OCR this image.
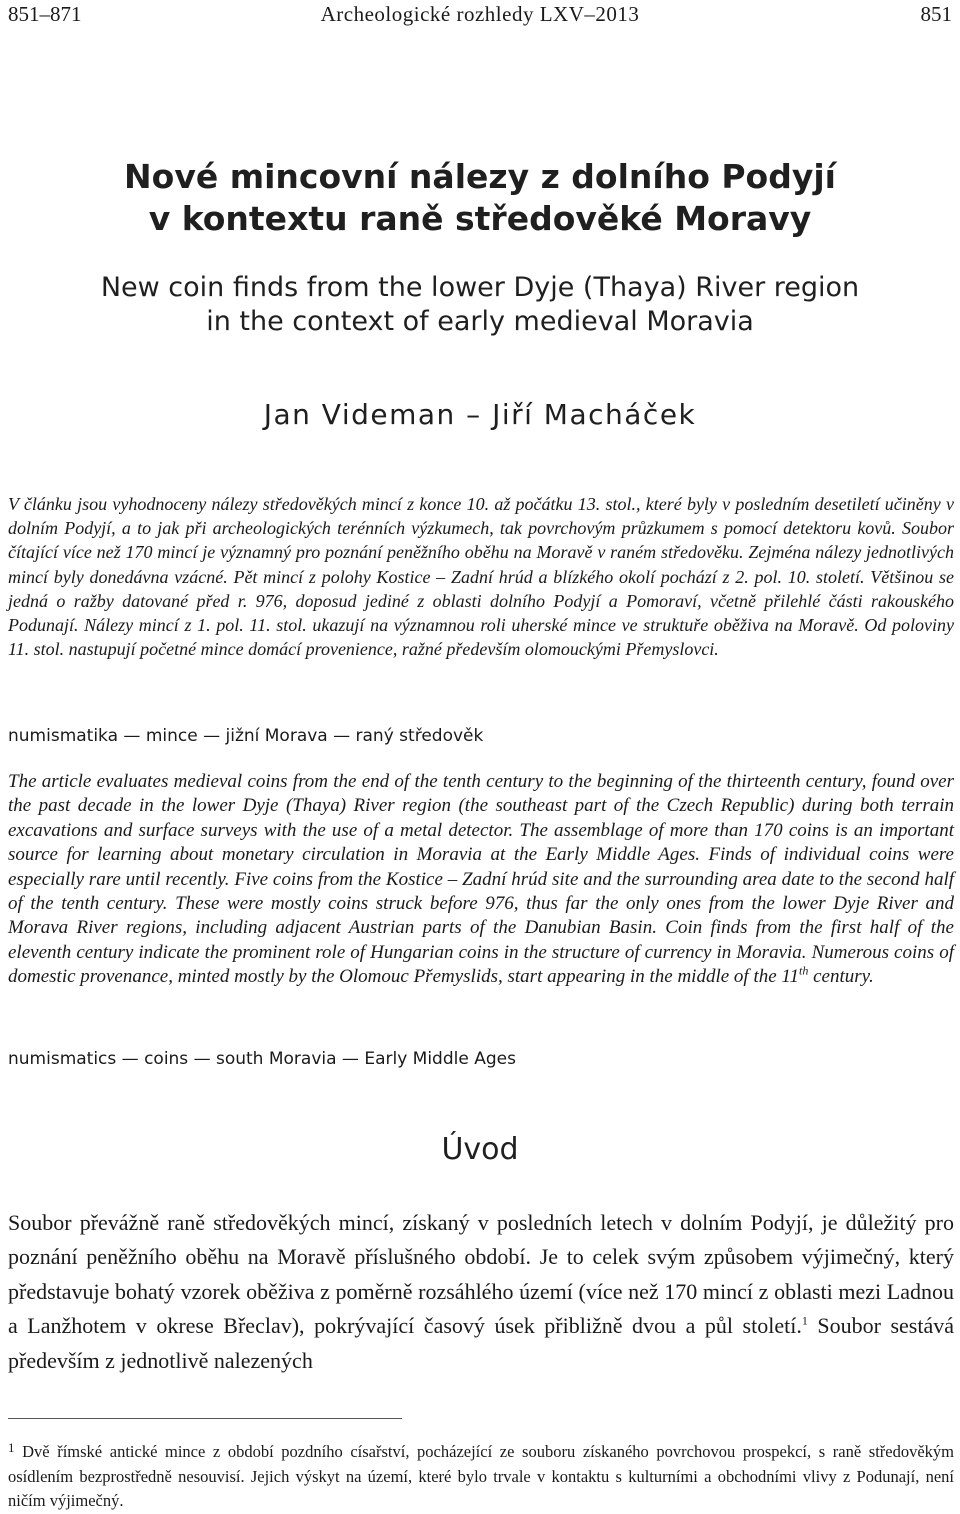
851–871	Archeologické rozhledy LXV–2013	851
Nové mincovní nálezy z dolního Podyjí
v kontextu raně středověké Moravy
New coin finds from the lower Dyje (Thaya) River region
in the context of early medieval Moravia
Jan Videman – Jiří Macháček
V článku jsou vyhodnoceny nálezy středověkých mincí z konce 10. až počátku 13. stol., které byly v posledním desetiletí učiněny v dolním Podyjí, a to jak při archeologických terénních výzkumech, tak povrchovým průzkumem s pomocí detektoru kovů. Soubor čítající více než 170 mincí je významný pro poznání peněžního oběhu na Moravě v raném středověku. Zejména nálezy jednotlivých mincí byly donedávna vzácné. Pět mincí z polohy Kostice – Zadní hrúd a blízkého okolí pochází z 2. pol. 10. století. Většinou se jedná o ražby datované před r. 976, doposud jediné z oblasti dolního Podyjí a Pomoraví, včetně přilehlé části rakouského Podunají. Nálezy mincí z 1. pol. 11. stol. ukazují na významnou roli uherské mince ve struktuře oběživa na Moravě. Od poloviny 11. stol. nastupují početné mince domácí provenience, ražné především olomouckými Přemyslovci.
numismatika — mince — jižní Morava — raný středověk
The article evaluates medieval coins from the end of the tenth century to the beginning of the thirteenth century, found over the past decade in the lower Dyje (Thaya) River region (the southeast part of the Czech Republic) during both terrain excavations and surface surveys with the use of a metal detector. The assemblage of more than 170 coins is an important source for learning about monetary circulation in Moravia at the Early Middle Ages. Finds of individual coins were especially rare until recently. Five coins from the Kostice – Zadní hrúd site and the surrounding area date to the second half of the tenth century. These were mostly coins struck before 976, thus far the only ones from the lower Dyje River and Morava River regions, including adjacent Austrian parts of the Danubian Basin. Coin finds from the first half of the eleventh century indicate the prominent role of Hungarian coins in the structure of currency in Moravia. Numerous coins of domestic provenance, minted mostly by the Olomouc Přemyslids, start appearing in the middle of the 11th century.
numismatics — coins — south Moravia — Early Middle Ages
Úvod
Soubor převážně raně středověkých mincí, získaný v posledních letech v dolním Podyjí, je důležitý pro poznání peněžního oběhu na Moravě příslušného období. Je to celek svým způsobem výjimečný, který představuje bohatý vzorek oběživa z poměrně rozsáhlého území (více než 170 mincí z oblasti mezi Ladnou a Lanžhotem v okrese Břeclav), pokrývající časový úsek přibližně dvou a půl století.$^1$ Soubor sestává především z jednotlivě nalezených
$^1$ Dvě římské antické mince z období pozdního císařství, pocházející ze souboru získaného povrchovou prospekcí, s raně středověkým osídlením bezprostředně nesouvisí. Jejich výskyt na území, které bylo trvale v kontaktu s kulturními a obchodními vlivy z Podunají, není ničím výjimečný.
